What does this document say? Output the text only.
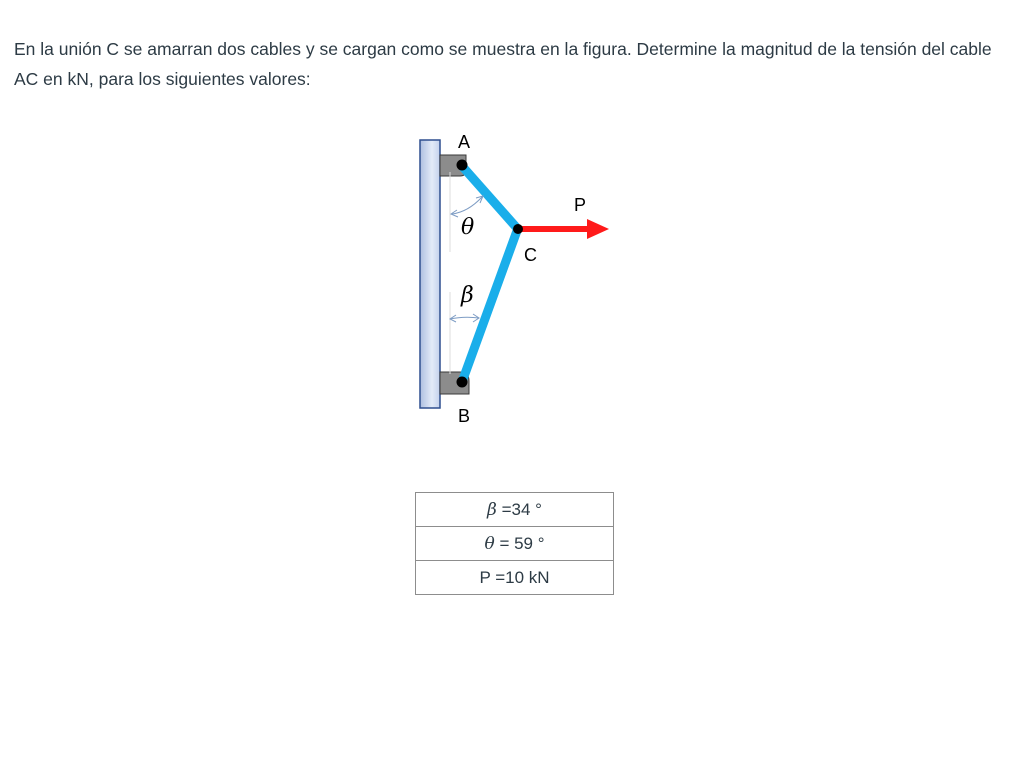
En la unión C se amarran dos cables y se cargan como se muestra en la figura. Determine la magnitud de la tensión del cable AC en kN, para los siguientes valores:

A
B
C
P
θ
β
β =34 °
θ = 59 °
P =10 kN
